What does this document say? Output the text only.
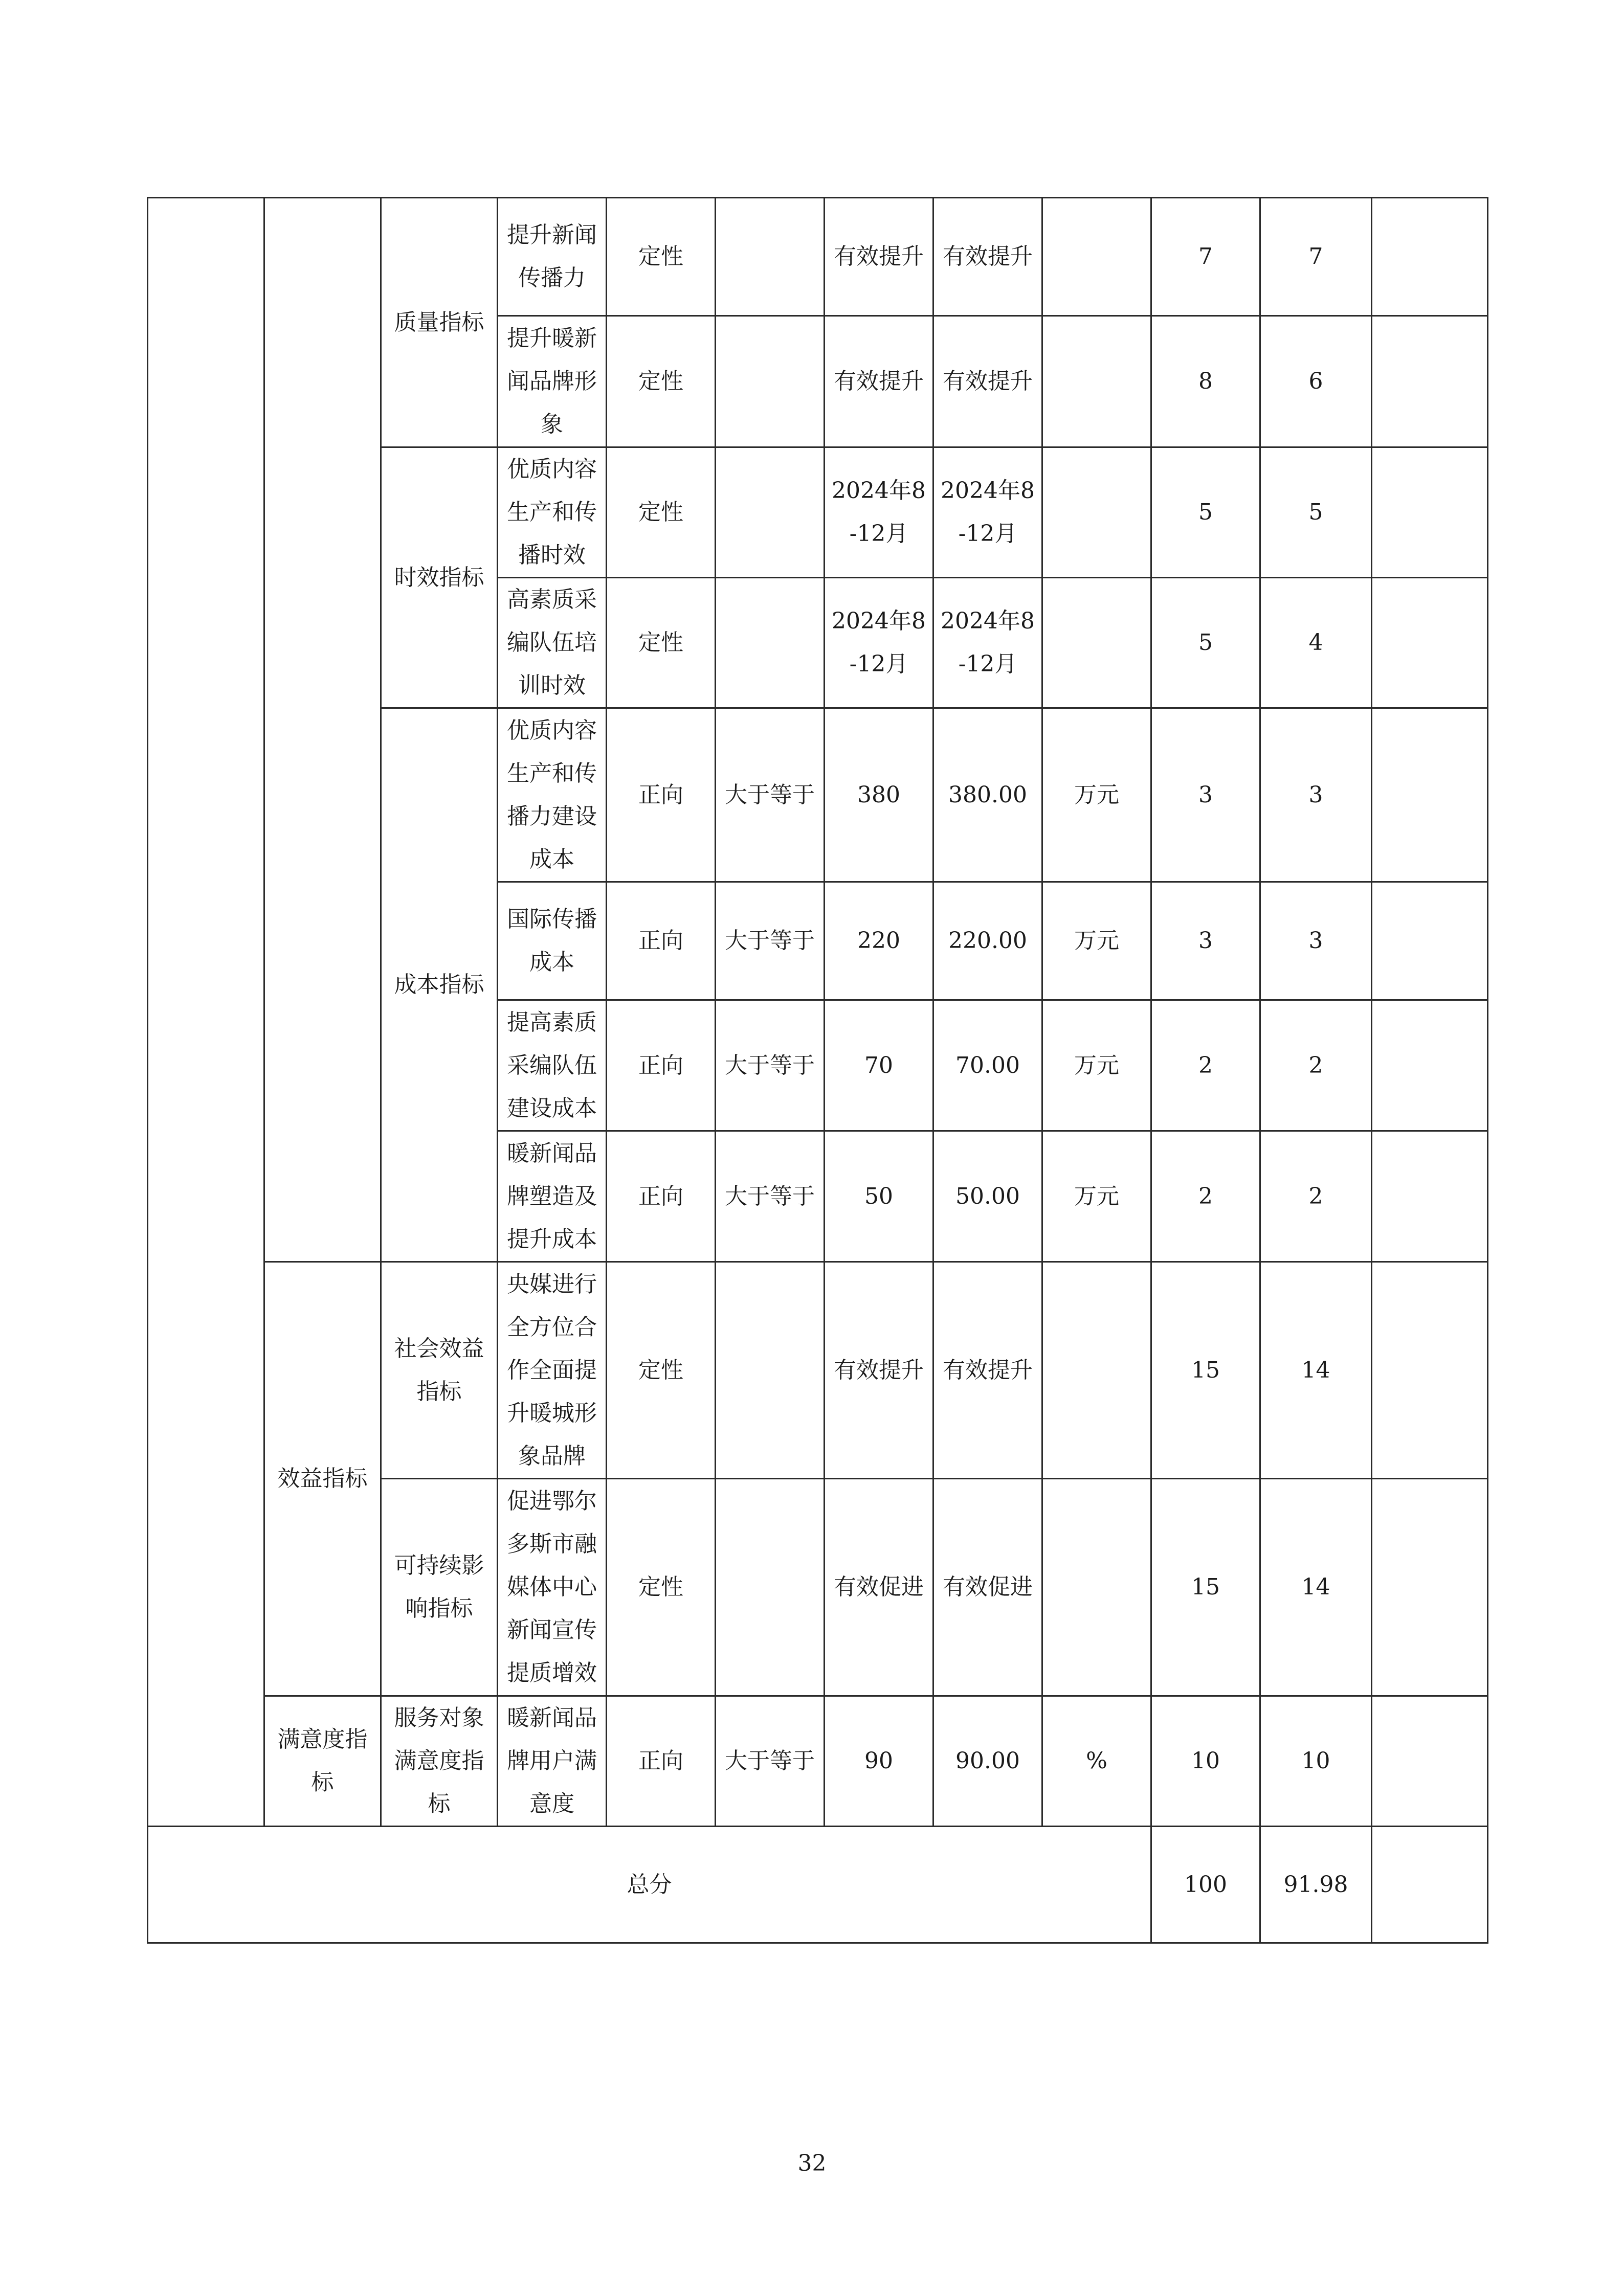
		质量指标	提升新闻传播力	定性		有效提升	有效提升		7	7	
			提升暖新闻品牌形象	定性		有效提升	有效提升		8	6	
		时效指标	优质内容生产和传播时效	定性		2024年8-12月	2024年8-12月		5	5	
			高素质采编队伍培训时效	定性		2024年8-12月	2024年8-12月		5	4	
		成本指标	优质内容生产和传播力建设成本	正向	大于等于	380	380.00	万元	3	3	
			国际传播成本	正向	大于等于	220	220.00	万元	3	3	
			提高素质采编队伍建设成本	正向	大于等于	70	70.00	万元	2	2	
			暖新闻品牌塑造及提升成本	正向	大于等于	50	50.00	万元	2	2	
	效益指标	社会效益指标	央媒进行全方位合作全面提升暖城形象品牌	定性		有效提升	有效提升		15	14	
		可持续影响指标	促进鄂尔多斯市融媒体中心新闻宣传提质增效	定性		有效促进	有效促进		15	14	
	满意度指标	服务对象满意度指标	暖新闻品牌用户满意度	正向	大于等于	90	90.00	%	10	10	
总分									100	91.98	
32
